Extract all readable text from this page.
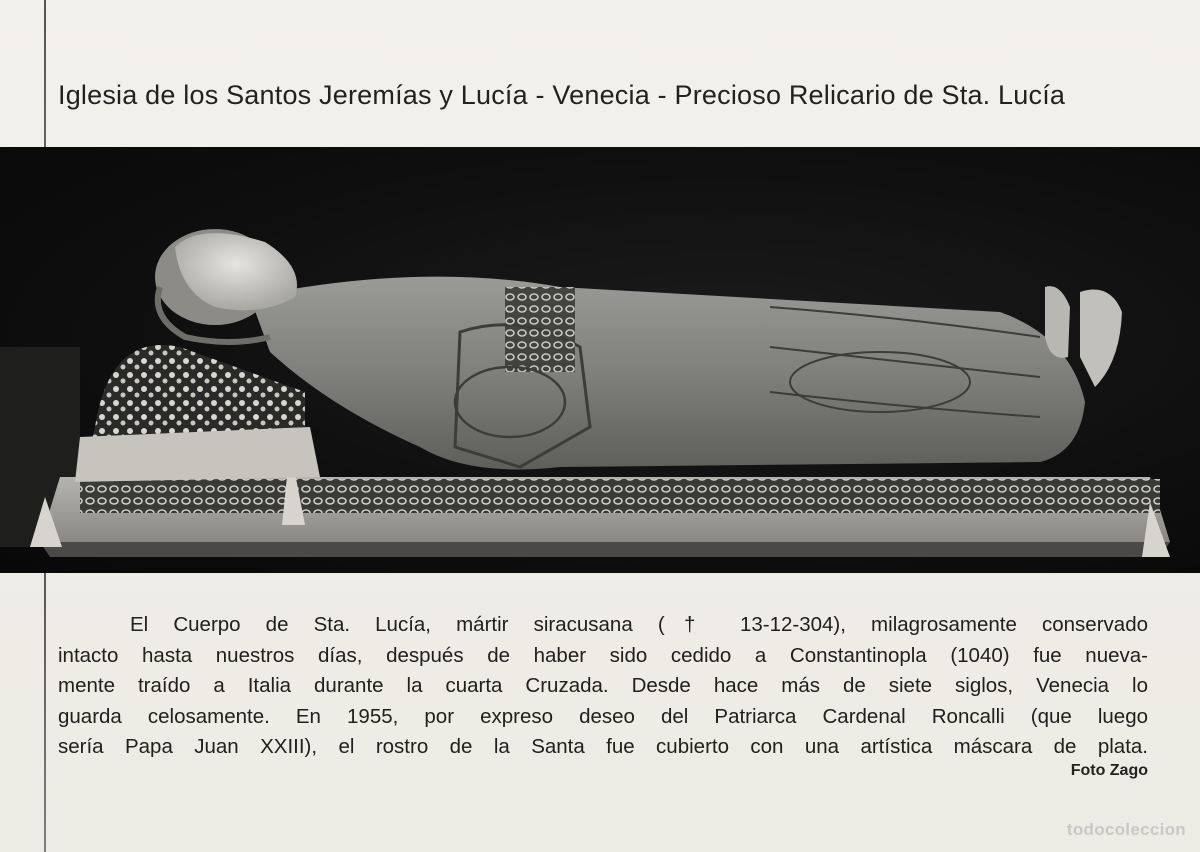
Iglesia de los Santos Jeremías y Lucía - Venecia - Precioso Relicario de Sta. Lucía
El Cuerpo de Sta. Lucía, mártir siracusana († 13-12-304), milagrosamente conservado
intacto hasta nuestros días, después de haber sido cedido a Constantinopla (1040) fue nueva-
mente traído a Italia durante la cuarta Cruzada. Desde hace más de siete siglos, Venecia lo
guarda celosamente. En 1955, por expreso deseo del Patriarca Cardenal Roncalli (que luego
sería Papa Juan XXIII), el rostro de la Santa fue cubierto con una artística máscara de plata.
Foto Zago
todocoleccion
